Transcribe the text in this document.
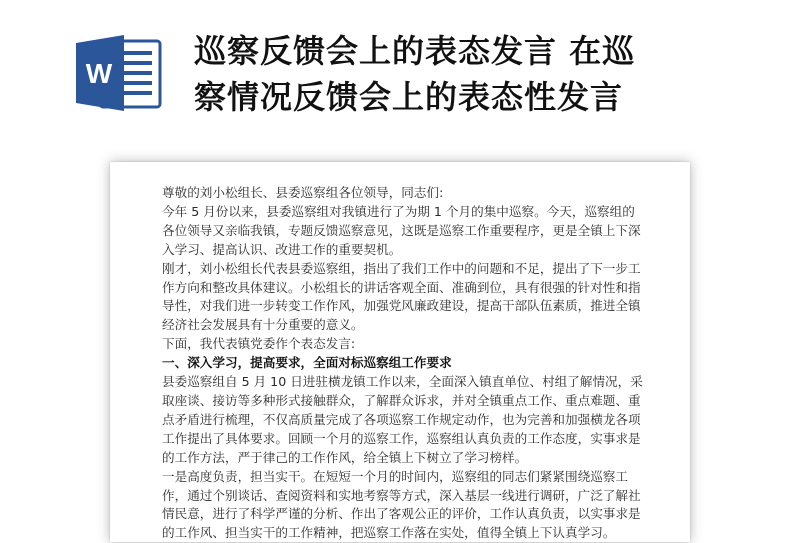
W
巡察反馈会上的表态发言 在巡
察情况反馈会上的表态性发言

尊敬的刘小松组长、县委巡察组各位领导，同志们:

今年 5 月份以来，县委巡察组对我镇进行了为期 1 个月的集中巡察。今天，巡察组的各位领导又亲临我镇，专题反馈巡察意见，这既是巡察工作重要程序，更是全镇上下深入学习、提高认识、改进工作的重要契机。

刚才，刘小松组长代表县委巡察组，指出了我们工作中的问题和不足，提出了下一步工作方向和整改具体建议。小松组长的讲话客观全面、准确到位，具有很强的针对性和指导性，对我们进一步转变工作作风，加强党风廉政建设，提高干部队伍素质，推进全镇经济社会发展具有十分重要的意义。

下面，我代表镇党委作个表态发言:

一、深入学习，提高要求，全面对标巡察组工作要求

县委巡察组自 5 月 10 日进驻横龙镇工作以来，全面深入镇直单位、村组了解情况，采取座谈、接访等多种形式接触群众，了解群众诉求，并对全镇重点工作、重点难题、重点矛盾进行梳理，不仅高质量完成了各项巡察工作规定动作，也为完善和加强横龙各项工作提出了具体要求。回顾一个月的巡察工作，巡察组认真负责的工作态度，实事求是的工作方法，严于律己的工作作风，给全镇上下树立了学习榜样。

一是高度负责，担当实干。在短短一个月的时间内，巡察组的同志们紧紧围绕巡察工作，通过个别谈话、查阅资料和实地考察等方式，深入基层一线进行调研，广泛了解社情民意，进行了科学严谨的分析、作出了客观公正的评价，工作认真负责，以实事求是的工作风、担当实干的工作精神，把巡察工作落在实处，值得全镇上下认真学习。
